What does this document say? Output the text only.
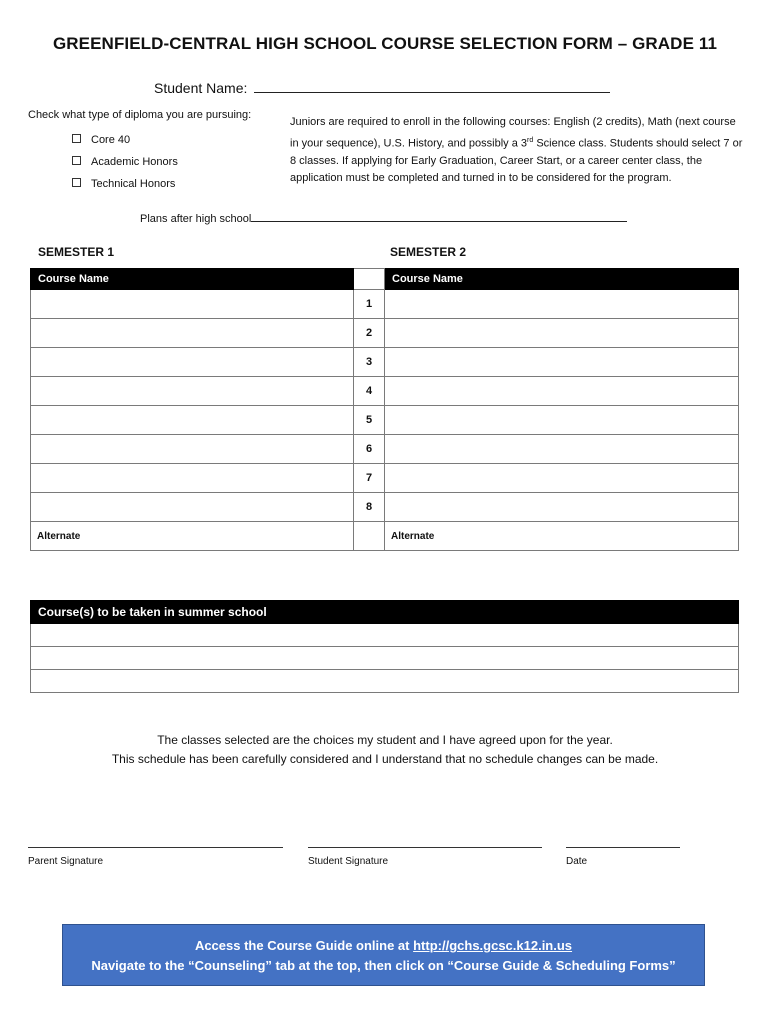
GREENFIELD-CENTRAL HIGH SCHOOL COURSE SELECTION FORM – GRADE 11
Student Name:
Check what type of diploma you are pursuing:
Core 40
Academic Honors
Technical Honors
Juniors are required to enroll in the following courses: English (2 credits), Math (next course in your sequence), U.S. History, and possibly a 3rd Science class. Students should select 7 or 8 classes. If applying for Early Graduation, Career Start, or a career center class, the application must be completed and turned in to be considered for the program.
Plans after high school
SEMESTER 1	SEMESTER 2
Course Name		Course Name
	1	
	2	
	3	
	4	
	5	
	6	
	7	
	8	
Alternate		Alternate
Course(s) to be taken in summer school

The classes selected are the choices my student and I have agreed upon for the year.
This schedule has been carefully considered and I understand that no schedule changes can be made.
Parent Signature	Student Signature	Date
Access the Course Guide online at http://gchs.gcsc.k12.in.us
Navigate to the “Counseling” tab at the top, then click on “Course Guide & Scheduling Forms”
